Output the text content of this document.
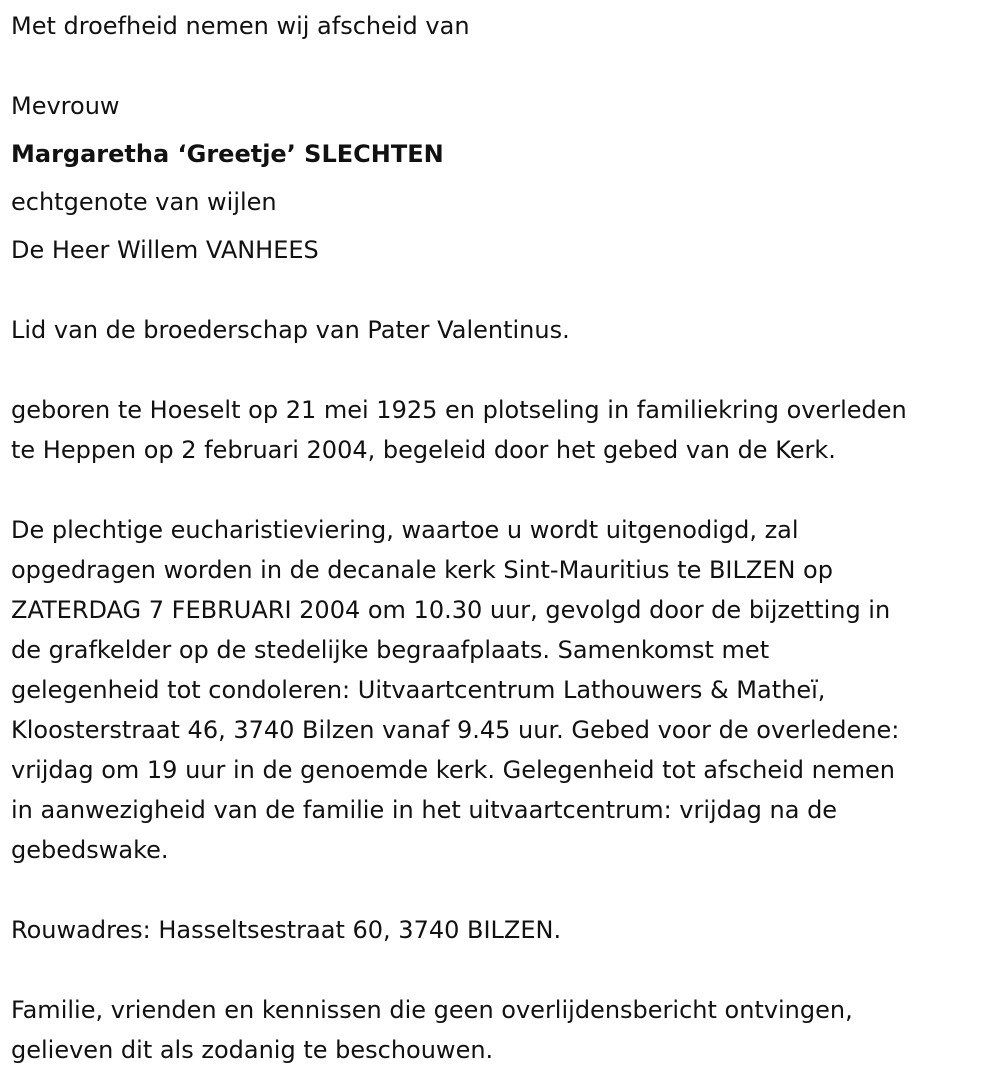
Met droefheid nemen wij afscheid van
Mevrouw
Margaretha ‘Greetje’ SLECHTEN
echtgenote van wijlen
De Heer Willem VANHEES
Lid van de broederschap van Pater Valentinus.
geboren te Hoeselt op 21 mei 1925 en plotseling in familiekring overleden
te Heppen op 2 februari 2004, begeleid door het gebed van de Kerk.
De plechtige eucharistieviering, waartoe u wordt uitgenodigd, zal
opgedragen worden in de decanale kerk Sint-Mauritius te BILZEN op
ZATERDAG 7 FEBRUARI 2004 om 10.30 uur, gevolgd door de bijzetting in
de grafkelder op de stedelijke begraafplaats. Samenkomst met
gelegenheid tot condoleren: Uitvaartcentrum Lathouwers & Matheï,
Kloosterstraat 46, 3740 Bilzen vanaf 9.45 uur. Gebed voor de overledene:
vrijdag om 19 uur in de genoemde kerk. Gelegenheid tot afscheid nemen
in aanwezigheid van de familie in het uitvaartcentrum: vrijdag na de
gebedswake.
Rouwadres: Hasseltsestraat 60, 3740 BILZEN.
Familie, vrienden en kennissen die geen overlijdensbericht ontvingen,
gelieven dit als zodanig te beschouwen.
